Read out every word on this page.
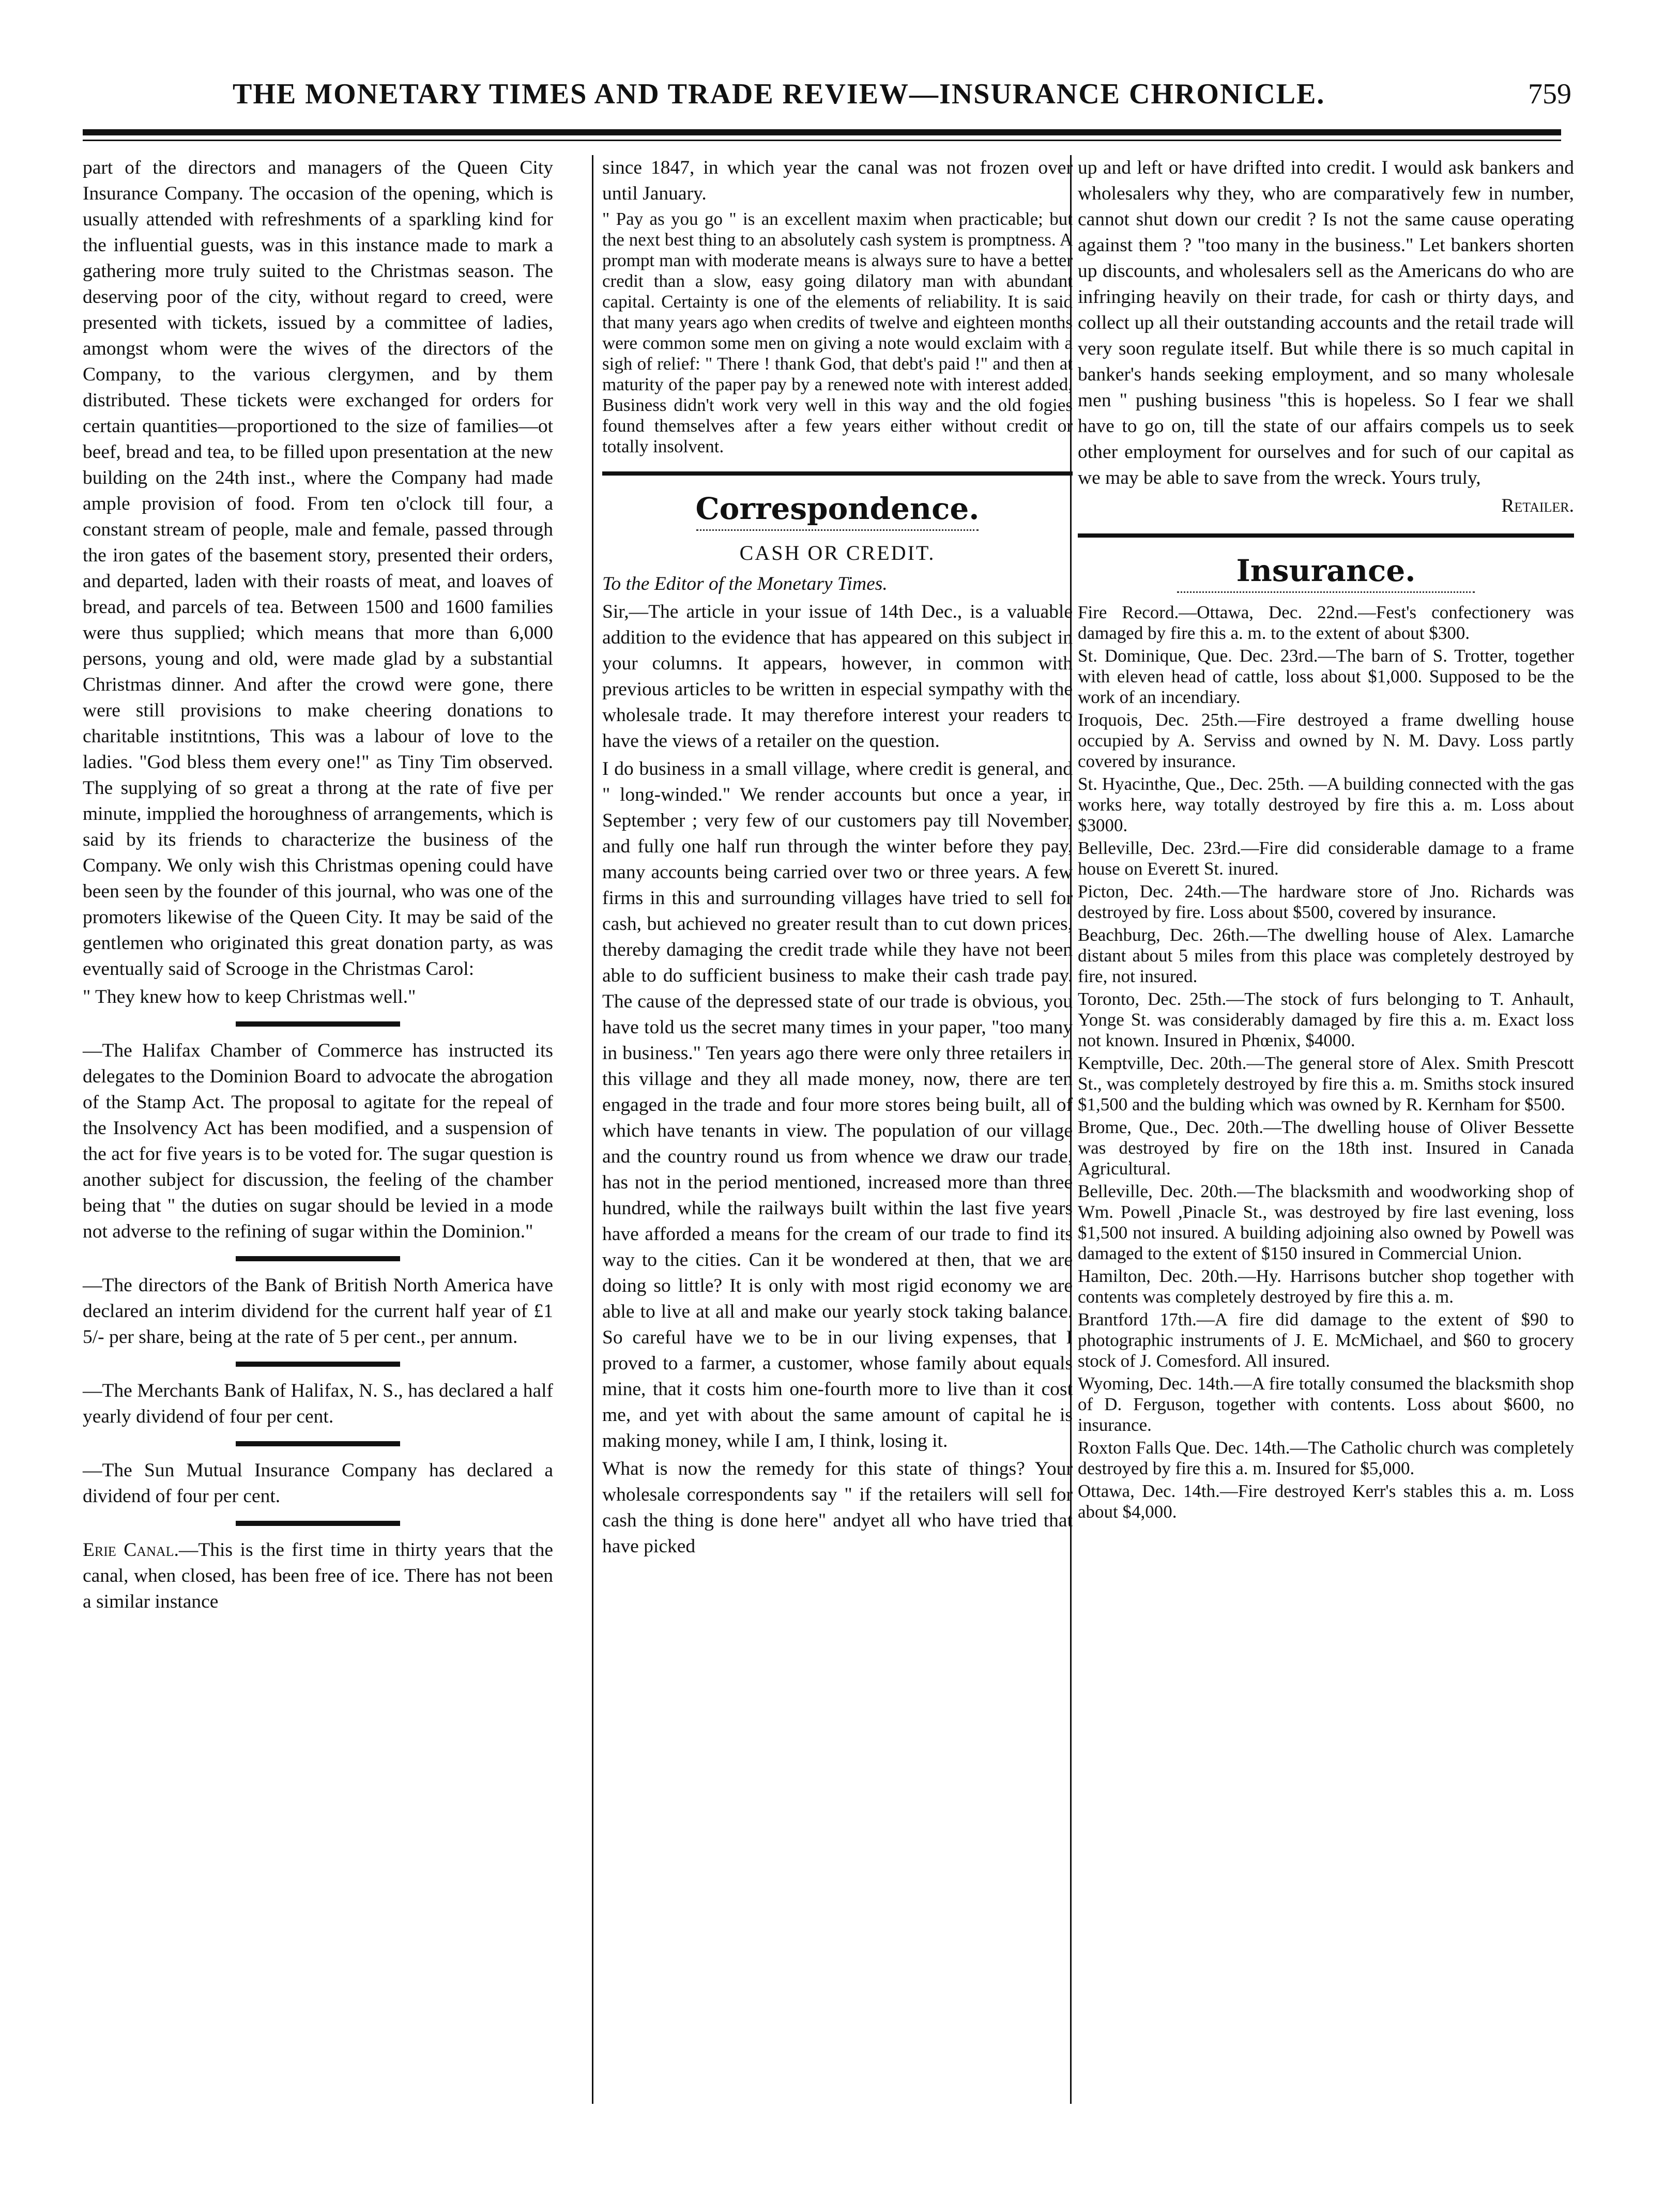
THE MONETARY TIMES AND TRADE REVIEW—INSURANCE CHRONICLE.	759

part of the directors and managers of the Queen City Insurance Company. The occasion of the opening, which is usually attended with refreshments of a sparkling kind for the influential guests, was in this instance made to mark a gathering more truly suited to the Christmas season. The deserving poor of the city, without regard to creed, were presented with tickets, issued by a committee of ladies, amongst whom were the wives of the directors of the Company, to the various clergymen, and by them distributed. These tickets were exchanged for orders for certain quantities—proportioned to the size of families—ot beef, bread and tea, to be filled upon presentation at the new building on the 24th inst., where the Company had made ample provision of food. From ten o'clock till four, a constant stream of people, male and female, passed through the iron gates of the basement story, presented their orders, and departed, laden with their roasts of meat, and loaves of bread, and parcels of tea. Between 1500 and 1600 families were thus supplied; which means that more than 6,000 persons, young and old, were made glad by a substantial Christmas dinner. And after the crowd were gone, there were still provisions to make cheering donations to charitable institntions, This was a labour of love to the ladies. "God bless them every one!" as Tiny Tim observed. The supplying of so great a throng at the rate of five per minute, impplied the horoughness of arrangements, which is said by its friends to characterize the business of the Company. We only wish this Christmas opening could have been seen by the founder of this journal, who was one of the promoters likewise of the Queen City. It may be said of the gentlemen who originated this great donation party, as was eventually said of Scrooge in the Christmas Carol:

" They knew how to keep Christmas well."

—The Halifax Chamber of Commerce has instructed its delegates to the Dominion Board to advocate the abrogation of the Stamp Act. The proposal to agitate for the repeal of the Insolvency Act has been modified, and a suspension of the act for five years is to be voted for. The sugar question is another subject for discussion, the feeling of the chamber being that " the duties on sugar should be levied in a mode not adverse to the refining of sugar within the Dominion."

—The directors of the Bank of British North America have declared an interim dividend for the current half year of £1 5/- per share, being at the rate of 5 per cent., per annum.

—The Merchants Bank of Halifax, N. S., has declared a half yearly dividend of four per cent.

—The Sun Mutual Insurance Company has declared a dividend of four per cent.

Erie Canal.—This is the first time in thirty years that the canal, when closed, has been free of ice. There has not been a similar instance

since 1847, in which year the canal was not frozen over until January.

" Pay as you go " is an excellent maxim when practicable; but the next best thing to an absolutely cash system is promptness. A prompt man with moderate means is always sure to have a better credit than a slow, easy going dilatory man with abundant capital. Certainty is one of the elements of reliability. It is said that many years ago when credits of twelve and eighteen months were common some men on giving a note would exclaim with a sigh of relief: " There ! thank God, that debt's paid !" and then at maturity of the paper pay by a renewed note with interest added, Business didn't work very well in this way and the old fogies found themselves after a few years either without credit or totally insolvent.

Correspondence.
CASH OR CREDIT.

To the Editor of the Monetary Times.

Sir,—The article in your issue of 14th Dec., is a valuable addition to the evidence that has appeared on this subject in your columns. It appears, however, in common with previous articles to be written in especial sympathy with the wholesale trade. It may therefore interest your readers to have the views of a retailer on the question.

I do business in a small village, where credit is general, and " long-winded." We render accounts but once a year, in September ; very few of our customers pay till November, and fully one half run through the winter before they pay, many accounts being carried over two or three years. A few firms in this and surrounding villages have tried to sell for cash, but achieved no greater result than to cut down prices, thereby damaging the credit trade while they have not been able to do sufficient business to make their cash trade pay. The cause of the depressed state of our trade is obvious, you have told us the secret many times in your paper, "too many in business." Ten years ago there were only three retailers in this village and they all made money, now, there are ten engaged in the trade and four more stores being built, all of which have tenants in view. The population of our village and the country round us from whence we draw our trade, has not in the period mentioned, increased more than three hundred, while the railways built within the last five years have afforded a means for the cream of our trade to find its way to the cities. Can it be wondered at then, that we are doing so little? It is only with most rigid economy we are able to live at all and make our yearly stock taking balance. So careful have we to be in our living expenses, that I proved to a farmer, a customer, whose family about equals mine, that it costs him one-fourth more to live than it cost me, and yet with about the same amount of capital he is making money, while I am, I think, losing it.

What is now the remedy for this state of things? Your wholesale correspondents say " if the retailers will sell for cash the thing is done here" andyet all who have tried that have picked

up and left or have drifted into credit. I would ask bankers and wholesalers why they, who are comparatively few in number, cannot shut down our credit ? Is not the same cause operating against them ? "too many in the business." Let bankers shorten up discounts, and wholesalers sell as the Americans do who are infringing heavily on their trade, for cash or thirty days, and collect up all their outstanding accounts and the retail trade will very soon regulate itself. But while there is so much capital in banker's hands seeking employment, and so many wholesale men " pushing business "this is hopeless. So I fear we shall have to go on, till the state of our affairs compels us to seek other employment for ourselves and for such of our capital as we may be able to save from the wreck. Yours truly,

Retailer.

Insurance.

Fire Record.—Ottawa, Dec. 22nd.—Fest's confectionery was damaged by fire this a. m. to the extent of about $300.

St. Dominique, Que. Dec. 23rd.—The barn of S. Trotter, together with eleven head of cattle, loss about $1,000. Supposed to be the work of an incendiary.

Iroquois, Dec. 25th.—Fire destroyed a frame dwelling house occupied by A. Serviss and owned by N. M. Davy. Loss partly covered by insurance.

St. Hyacinthe, Que., Dec. 25th. —A building connected with the gas works here, way totally destroyed by fire this a. m. Loss about $3000.

Belleville, Dec. 23rd.—Fire did considerable damage to a frame house on Everett St. inured.

Picton, Dec. 24th.—The hardware store of Jno. Richards was destroyed by fire. Loss about $500, covered by insurance.

Beachburg, Dec. 26th.—The dwelling house of Alex. Lamarche distant about 5 miles from this place was completely destroyed by fire, not insured.

Toronto, Dec. 25th.—The stock of furs belonging to T. Anhault, Yonge St. was considerably damaged by fire this a. m. Exact loss not known. Insured in Phœnix, $4000.

Kemptville, Dec. 20th.—The general store of Alex. Smith Prescott St., was completely destroyed by fire this a. m. Smiths stock insured $1,500 and the bulding which was owned by R. Kernham for $500.

Brome, Que., Dec. 20th.—The dwelling house of Oliver Bessette was destroyed by fire on the 18th inst. Insured in Canada Agricultural.

Belleville, Dec. 20th.—The blacksmith and woodworking shop of Wm. Powell ,Pinacle St., was destroyed by fire last evening, loss $1,500 not insured. A building adjoining also owned by Powell was damaged to the extent of $150 insured in Commercial Union.

Hamilton, Dec. 20th.—Hy. Harrisons butcher shop together with contents was completely destroyed by fire this a. m.

Brantford 17th.—A fire did damage to the extent of $90 to photographic instruments of J. E. McMichael, and $60 to grocery stock of J. Comesford. All insured.

Wyoming, Dec. 14th.—A fire totally consumed the blacksmith shop of D. Ferguson, together with contents. Loss about $600, no insurance.

Roxton Falls Que. Dec. 14th.—The Catholic church was completely destroyed by fire this a. m. Insured for $5,000.

Ottawa, Dec. 14th.—Fire destroyed Kerr's stables this a. m. Loss about $4,000.
